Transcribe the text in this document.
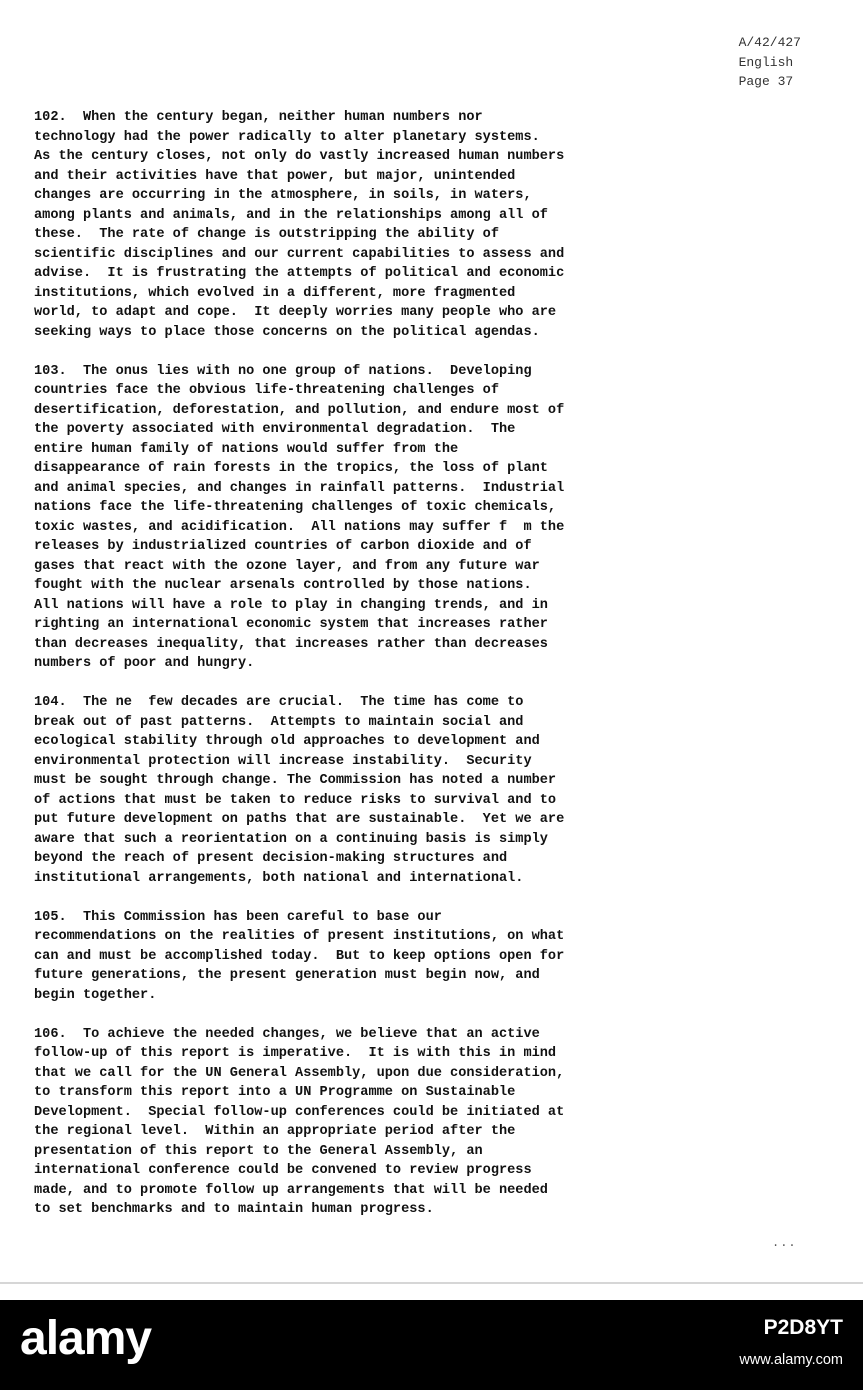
A/42/427
English
Page 37
102.  When the century began, neither human numbers nor
technology had the power radically to alter planetary systems.
As the century closes, not only do vastly increased human numbers
and their activities have that power, but major, unintended
changes are occurring in the atmosphere, in soils, in waters,
among plants and animals, and in the relationships among all of
these.  The rate of change is outstripping the ability of
scientific disciplines and our current capabilities to assess and
advise.  It is frustrating the attempts of political and economic
institutions, which evolved in a different, more fragmented
world, to adapt and cope.  It deeply worries many people who are
seeking ways to place those concerns on the political agendas.
103.  The onus lies with no one group of nations.  Developing
countries face the obvious life-threatening challenges of
desertification, deforestation, and pollution, and endure most of
the poverty associated with environmental degradation.  The
entire human family of nations would suffer from the
disappearance of rain forests in the tropics, the loss of plant
and animal species, and changes in rainfall patterns.  Industrial
nations face the life-threatening challenges of toxic chemicals,
toxic wastes, and acidification.  All nations may suffer f  m the
releases by industrialized countries of carbon dioxide and of
gases that react with the ozone layer, and from any future war
fought with the nuclear arsenals controlled by those nations.
All nations will have a role to play in changing trends, and in
righting an international economic system that increases rather
than decreases inequality, that increases rather than decreases
numbers of poor and hungry.
104.  The ne  few decades are crucial.  The time has come to
break out of past patterns.  Attempts to maintain social and
ecological stability through old approaches to development and
environmental protection will increase instability.  Security
must be sought through change. The Commission has noted a number
of actions that must be taken to reduce risks to survival and to
put future development on paths that are sustainable.  Yet we are
aware that such a reorientation on a continuing basis is simply
beyond the reach of present decision-making structures and
institutional arrangements, both national and international.
105.  This Commission has been careful to base our
recommendations on the realities of present institutions, on what
can and must be accomplished today.  But to keep options open for
future generations, the present generation must begin now, and
begin together.
106.  To achieve the needed changes, we believe that an active
follow-up of this report is imperative.  It is with this in mind
that we call for the UN General Assembly, upon due consideration,
to transform this report into a UN Programme on Sustainable
Development.  Special follow-up conferences could be initiated at
the regional level.  Within an appropriate period after the
presentation of this report to the General Assembly, an
international conference could be convened to review progress
made, and to promote follow up arrangements that will be needed
to set benchmarks and to maintain human progress.
...
alamy	P2D8YT
www.alamy.com
